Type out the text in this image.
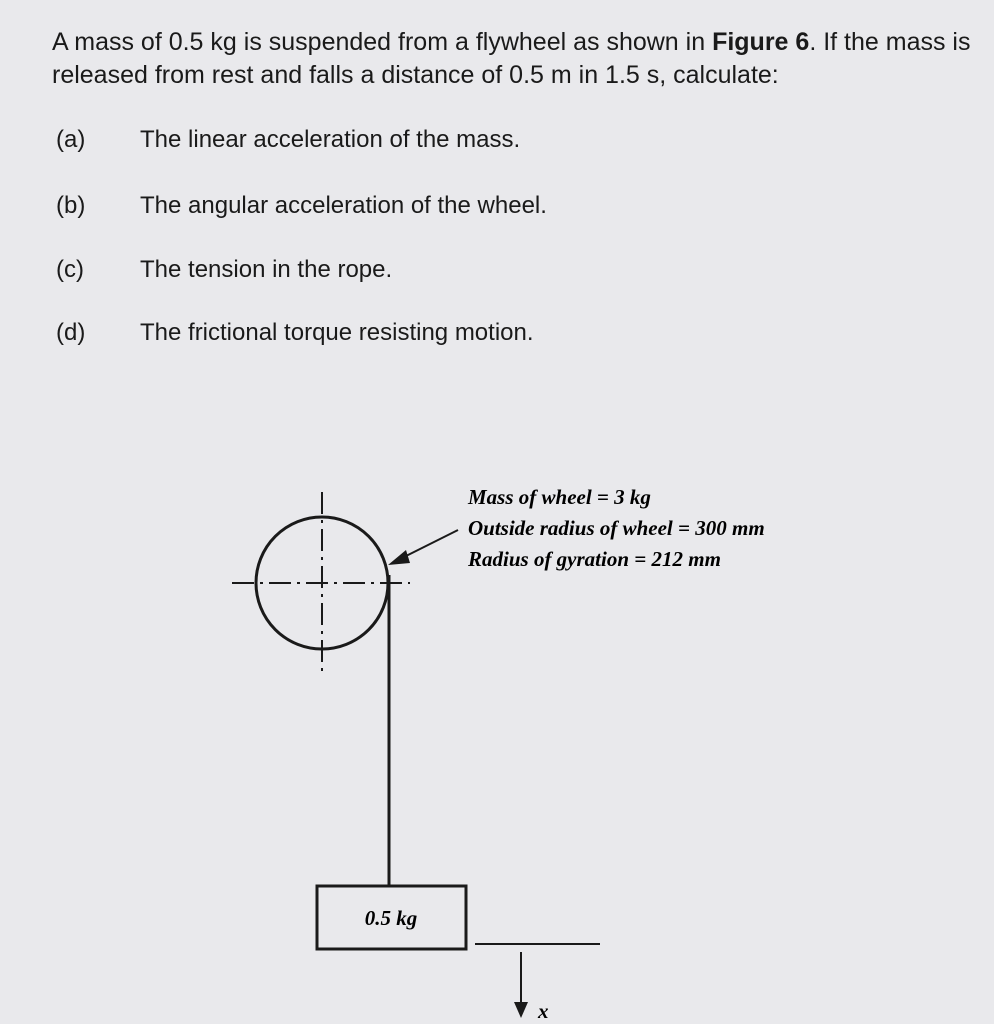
A mass of 0.5 kg is suspended from a flywheel as shown in Figure 6. If the mass is released from rest and falls a distance of 0.5 m in 1.5 s, calculate:
(a) The linear acceleration of the mass.
(b) The angular acceleration of the wheel.
(c) The tension in the rope.
(d) The frictional torque resisting motion.
0.5 kg
x
Mass of wheel = 3 kg
Outside radius of wheel = 300 mm
Radius of gyration = 212 mm
